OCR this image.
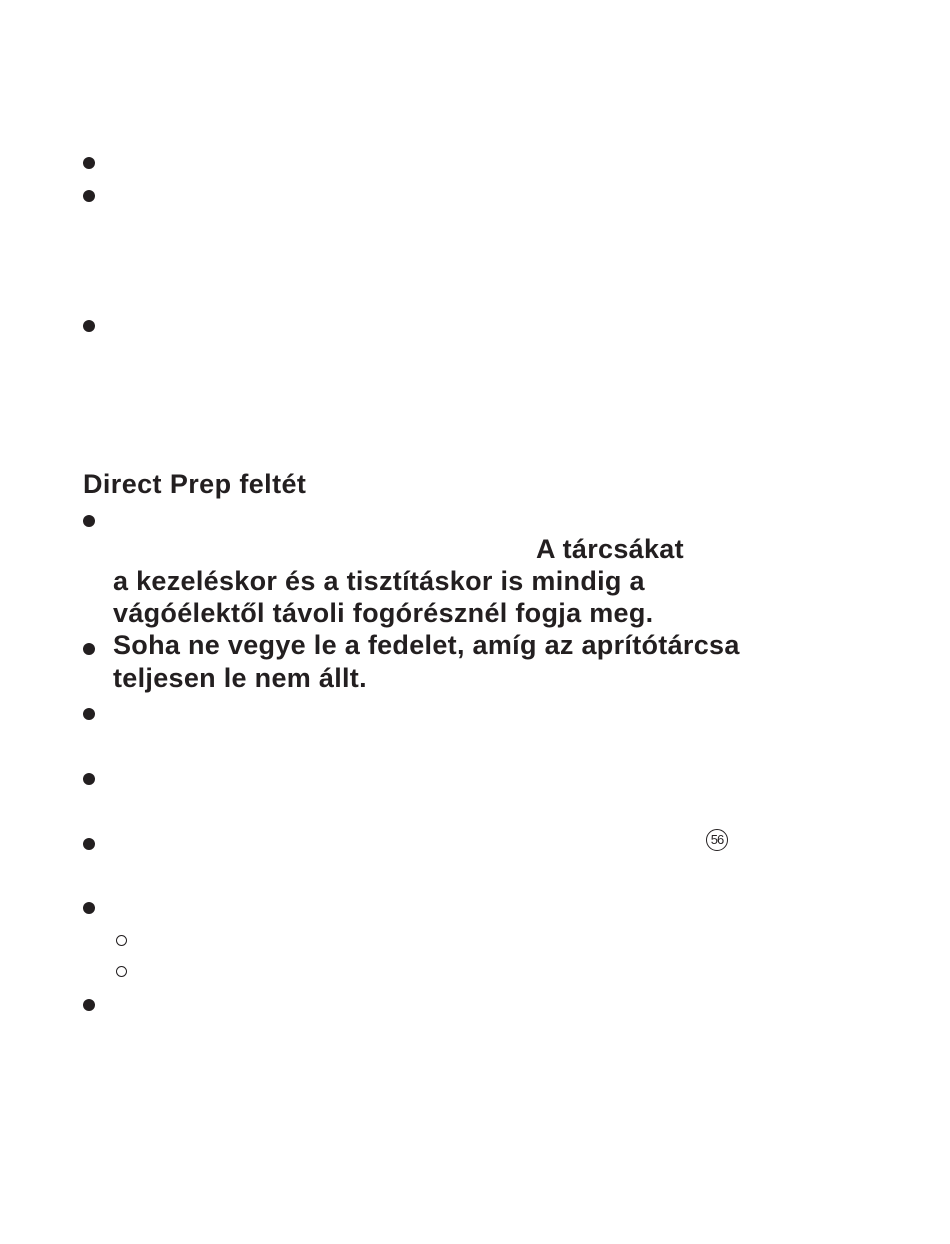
Direct Prep feltét
A tárcsákat
a kezeléskor és a tisztításkor is mindig a
vágóélektől távoli fogórésznél fogja meg.
Soha ne vegye le a fedelet, amíg az aprítótárcsa
teljesen le nem állt.
56
